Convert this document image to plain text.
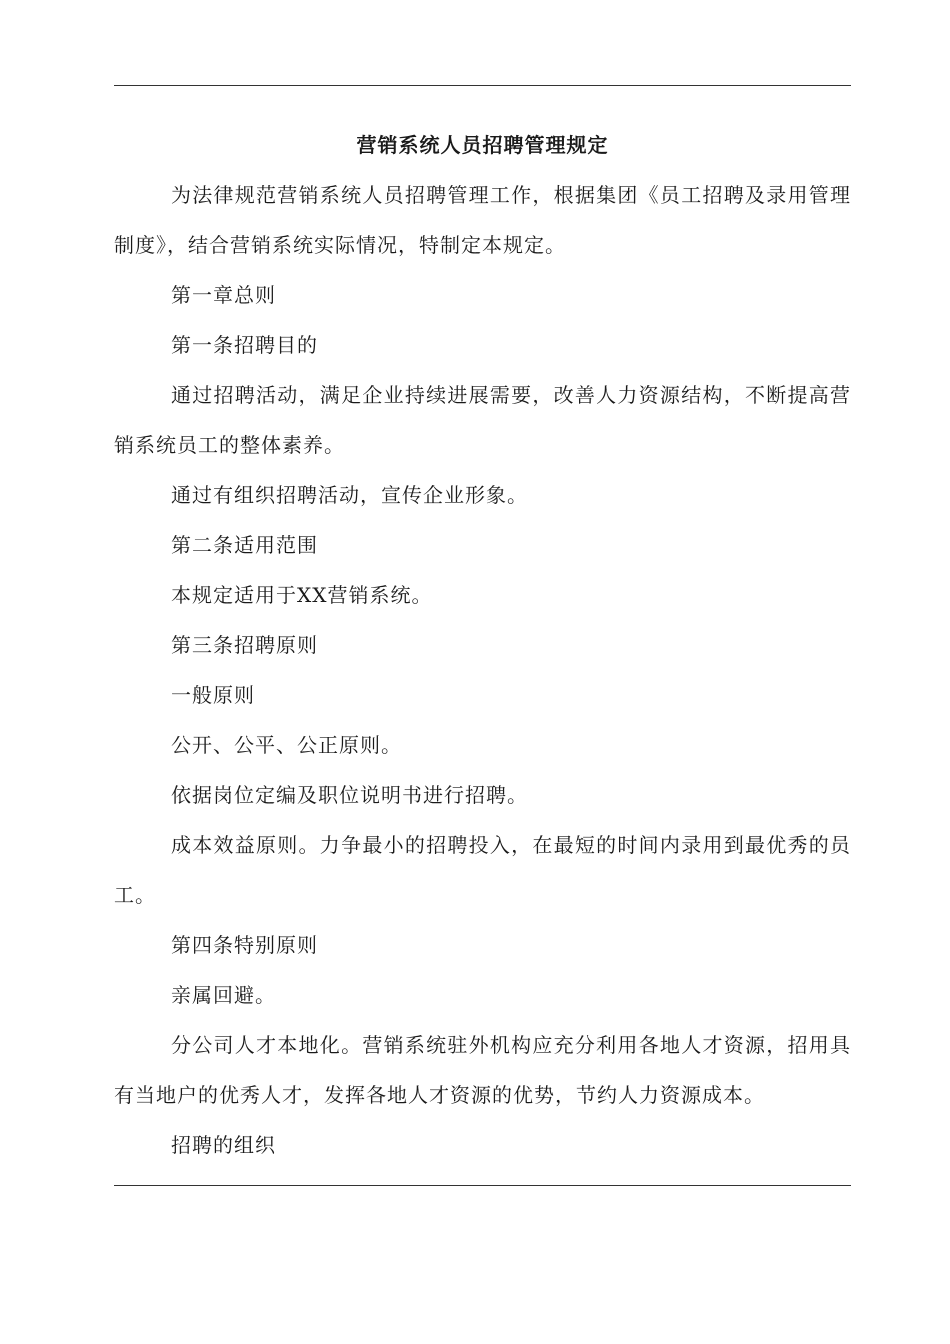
营销系统人员招聘管理规定

为法律规范营销系统人员招聘管理工作，根据集团《员工招聘及录用管理制度》，结合营销系统实际情况，特制定本规定。

第一章总则

第一条招聘目的

通过招聘活动，满足企业持续进展需要，改善人力资源结构，不断提高营销系统员工的整体素养。

通过有组织招聘活动，宣传企业形象。

第二条适用范围

本规定适用于XX营销系统。

第三条招聘原则

一般原则

公开、公平、公正原则。

依据岗位定编及职位说明书进行招聘。

成本效益原则。力争最小的招聘投入，在最短的时间内录用到最优秀的员工。

第四条特别原则

亲属回避。

分公司人才本地化。营销系统驻外机构应充分利用各地人才资源，招用具有当地户的优秀人才，发挥各地人才资源的优势，节约人力资源成本。

招聘的组织
